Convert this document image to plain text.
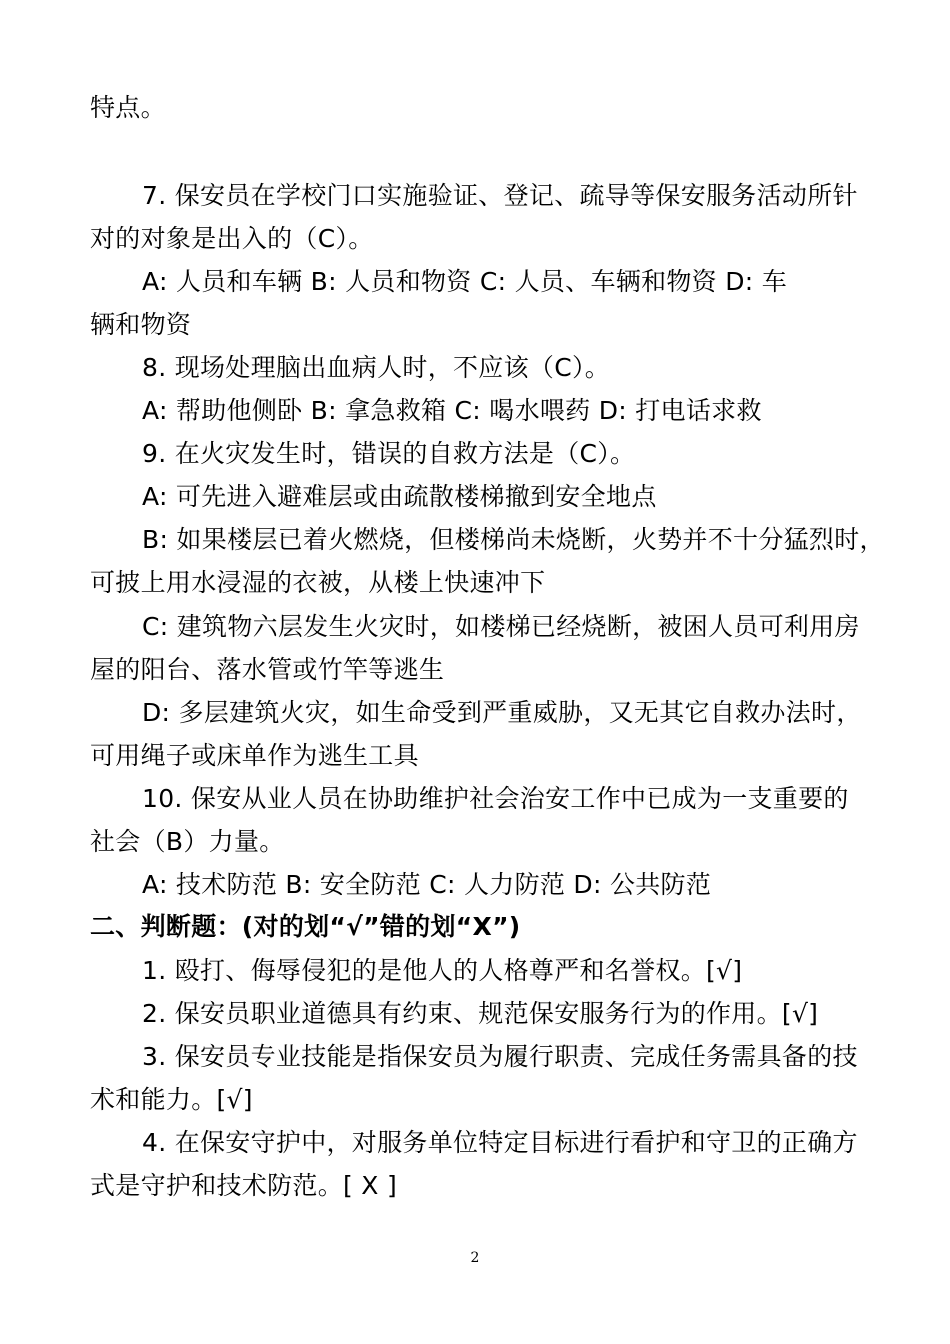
特点。
7. 保安员在学校门口实施验证、登记、疏导等保安服务活动所针
对的对象是出入的（C）。
A: 人员和车辆 B: 人员和物资 C: 人员、车辆和物资 D: 车
辆和物资
8. 现场处理脑出血病人时，不应该（C）。
A: 帮助他侧卧 B: 拿急救箱 C: 喝水喂药 D: 打电话求救
9. 在火灾发生时，错误的自救方法是（C）。
A: 可先进入避难层或由疏散楼梯撤到安全地点
B: 如果楼层已着火燃烧，但楼梯尚未烧断，火势并不十分猛烈时，
可披上用水浸湿的衣被，从楼上快速冲下
C: 建筑物六层发生火灾时，如楼梯已经烧断，被困人员可利用房
屋的阳台、落水管或竹竿等逃生
D: 多层建筑火灾，如生命受到严重威胁，又无其它自救办法时，
可用绳子或床单作为逃生工具
10. 保安从业人员在协助维护社会治安工作中已成为一支重要的
社会（B）力量。
A: 技术防范 B: 安全防范 C: 人力防范 D: 公共防范
二、判断题：(对的划“√”错的划“X”)
1. 殴打、侮辱侵犯的是他人的人格尊严和名誉权。[√]
2. 保安员职业道德具有约束、规范保安服务行为的作用。[√]
3. 保安员专业技能是指保安员为履行职责、完成任务需具备的技
术和能力。[√]
4. 在保安守护中，对服务单位特定目标进行看护和守卫的正确方
式是守护和技术防范。[ X ]
2
